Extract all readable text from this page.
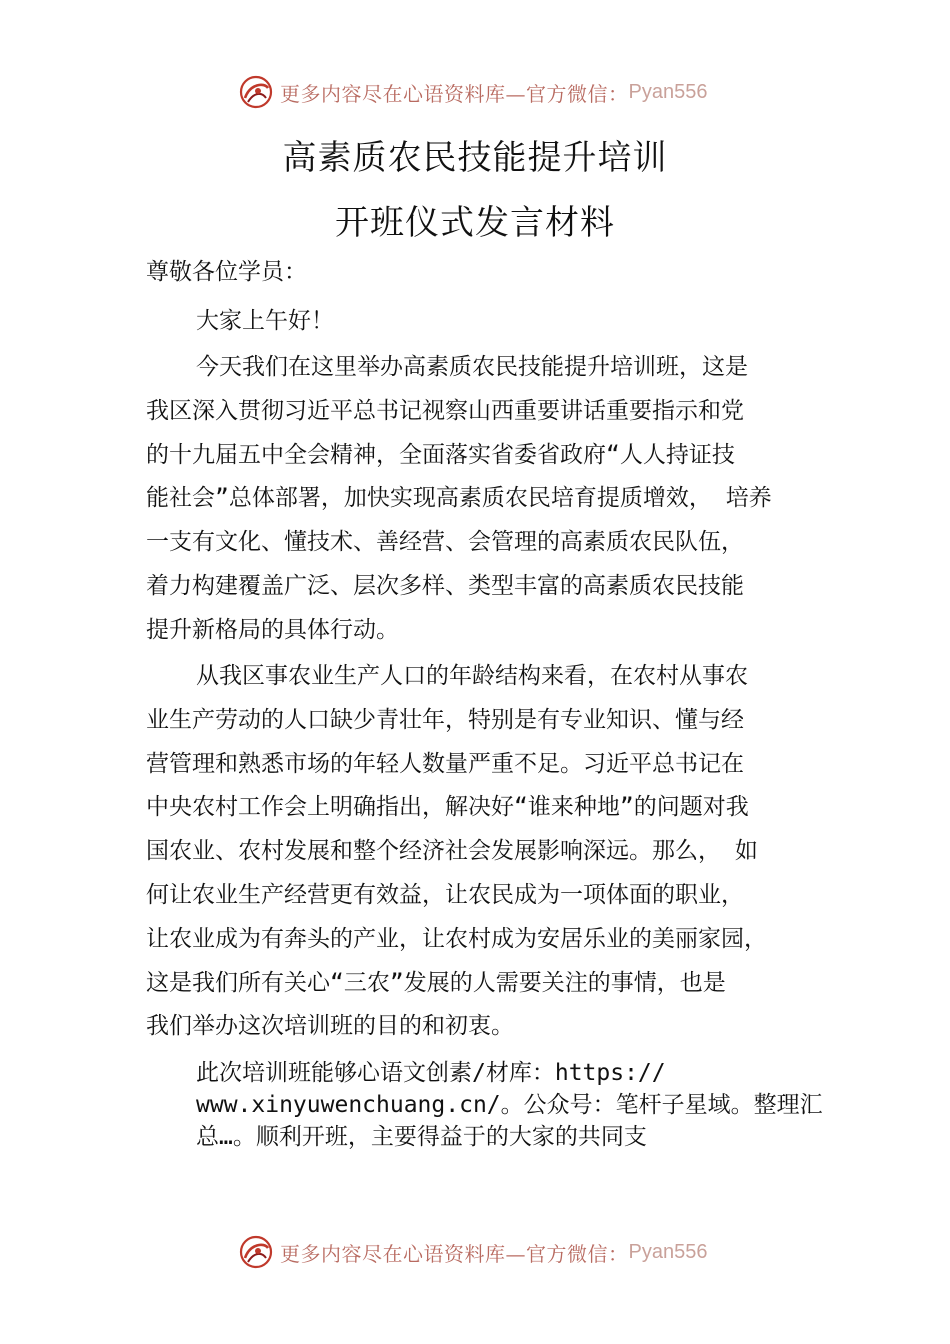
更多内容尽在心语资料库—官方微信： Pyan556
高素质农民技能提升培训
开班仪式发言材料
尊敬各位学员：
大家上午好！
今天我们在这里举办高素质农民技能提升培训班，这是
我区深入贯彻习近平总书记视察山西重要讲话重要指示和党
的十九届五中全会精神，全面落实省委省政府“人人持证技
能社会”总体部署，加快实现高素质农民培育提质增效， 培养
一支有文化、懂技术、善经营、会管理的高素质农民队伍，
着力构建覆盖广泛、层次多样、类型丰富的高素质农民技能
提升新格局的具体行动。
从我区事农业生产人口的年龄结构来看，在农村从事农
业生产劳动的人口缺少青壮年，特别是有专业知识、懂与经
营管理和熟悉市场的年轻人数量严重不足。习近平总书记在
中央农村工作会上明确指出，解决好“谁来种地”的问题对我
国农业、农村发展和整个经济社会发展影响深远。那么， 如
何让农业生产经营更有效益，让农民成为一项体面的职业，
让农业成为有奔头的产业，让农村成为安居乐业的美丽家园，
这是我们所有关心“三农”发展的人需要关注的事情，也是
我们举办这次培训班的目的和初衷。
此次培训班能够心语文创素/材库：https://
www.xinyuwenchuang.cn/。公众号：笔杆子星域。整理汇
总…。顺利开班，主要得益于的大家的共同支
更多内容尽在心语资料库—官方微信： Pyan556
